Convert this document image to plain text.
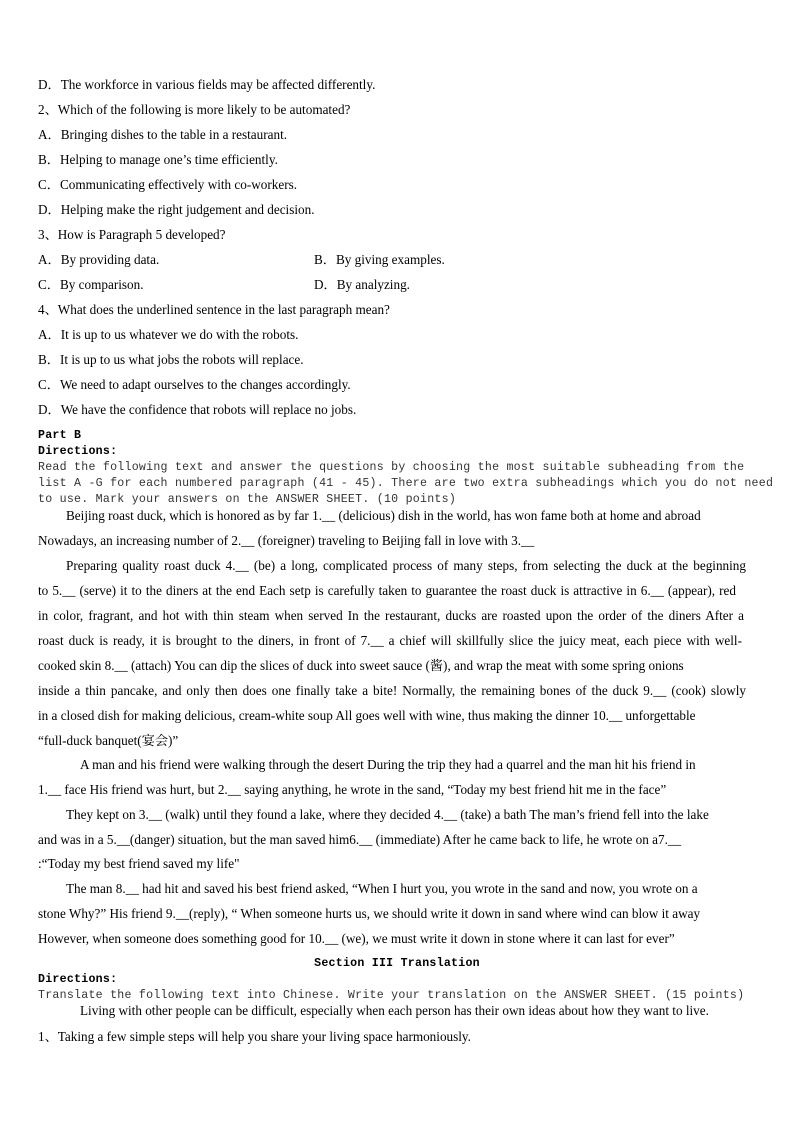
D．The workforce in various fields may be affected differently.
2、Which of the following is more likely to be automated?
A．Bringing dishes to the table in a restaurant.
B．Helping to manage one’s time efficiently.
C．Communicating effectively with co-workers.
D．Helping make the right judgement and decision.
3、How is Paragraph 5 developed?
A．By providing data.	B．By giving examples.
C．By comparison.	D．By analyzing.
4、What does the underlined sentence in the last paragraph mean?
A．It is up to us whatever we do with the robots.
B．It is up to us what jobs the robots will replace.
C．We need to adapt ourselves to the changes accordingly.
D．We have the confidence that robots will replace no jobs.
Part B
Directions:
Read the following text and answer the questions by choosing the most suitable subheading from the
list A -G for each numbered paragraph (41 - 45). There are two extra subheadings which you do not need
to use. Mark your answers on the ANSWER SHEET. (10 points)
Beijing roast duck, which is honored as by far 1.__ (delicious) dish in the world, has won fame both at home and abroad
Nowadays, an increasing number of 2.__ (foreigner) traveling to Beijing fall in love with 3.__
Preparing quality roast duck 4.__ (be) a long, complicated process of many steps, from selecting the duck at the beginning
to 5.__ (serve) it to the diners at the end Each setp is carefully taken to guarantee the roast duck is attractive in 6.__ (appear), red
in color, fragrant, and hot with thin steam when served In the restaurant, ducks are roasted upon the order of the diners After a
roast duck is ready, it is brought to the diners, in front of 7.__ a chief will skillfully slice the juicy meat, each piece with well-
cooked skin 8.__ (attach) You can dip the slices of duck into sweet sauce (酱), and wrap the meat with some spring onions
inside a thin pancake, and only then does one finally take a bite! Normally, the remaining bones of the duck 9.__ (cook) slowly
in a closed dish for making delicious, cream-white soup All goes well with wine, thus making the dinner 10.__ unforgettable
“full-duck banquet(宴会)”
A man and his friend were walking through the desert During the trip they had a quarrel and the man hit his friend in
1.__ face His friend was hurt, but 2.__ saying anything, he wrote in the sand, “Today my best friend hit me in the face”
They kept on 3.__ (walk) until they found a lake, where they decided 4.__ (take) a bath The man’s friend fell into the lake
and was in a 5.__(danger) situation, but the man saved him6.__ (immediate) After he came back to life, he wrote on a7.__
:“Today my best friend saved my life"
The man 8.__ had hit and saved his best friend asked, “When I hurt you, you wrote in the sand and now, you wrote on a
stone Why?” His friend 9.__(reply), “ When someone hurts us, we should write it down in sand where wind can blow it away
However, when someone does something good for 10.__ (we), we must write it down in stone where it can last for ever”
Section III Translation
Directions:
Translate the following text into Chinese. Write your translation on the ANSWER SHEET. (15 points)
Living with other people can be difficult, especially when each person has their own ideas about how they want to live.
1、Taking a few simple steps will help you share your living space harmoniously.
